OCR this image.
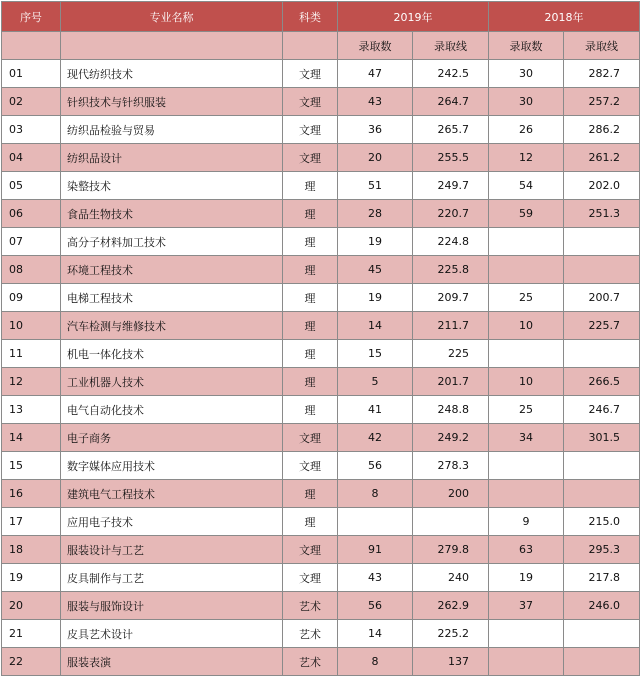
序号	专业名称	科类	2019年		2018年	
			录取数	录取线	录取数	录取线
01	现代纺织技术	文理	47	242.5	30	282.7
02	针织技术与针织服装	文理	43	264.7	30	257.2
03	纺织品检验与贸易	文理	36	265.7	26	286.2
04	纺织品设计	文理	20	255.5	12	261.2
05	染整技术	理	51	249.7	54	202.0
06	食品生物技术	理	28	220.7	59	251.3
07	高分子材料加工技术	理	19	224.8		
08	环境工程技术	理	45	225.8		
09	电梯工程技术	理	19	209.7	25	200.7
10	汽车检测与维修技术	理	14	211.7	10	225.7
11	机电一体化技术	理	15	225		
12	工业机器人技术	理	5	201.7	10	266.5
13	电气自动化技术	理	41	248.8	25	246.7
14	电子商务	文理	42	249.2	34	301.5
15	数字媒体应用技术	文理	56	278.3		
16	建筑电气工程技术	理	8	200		
17	应用电子技术	理			9	215.0
18	服装设计与工艺	文理	91	279.8	63	295.3
19	皮具制作与工艺	文理	43	240	19	217.8
20	服装与服饰设计	艺术	56	262.9	37	246.0
21	皮具艺术设计	艺术	14	225.2		
22	服装表演	艺术	8	137		
